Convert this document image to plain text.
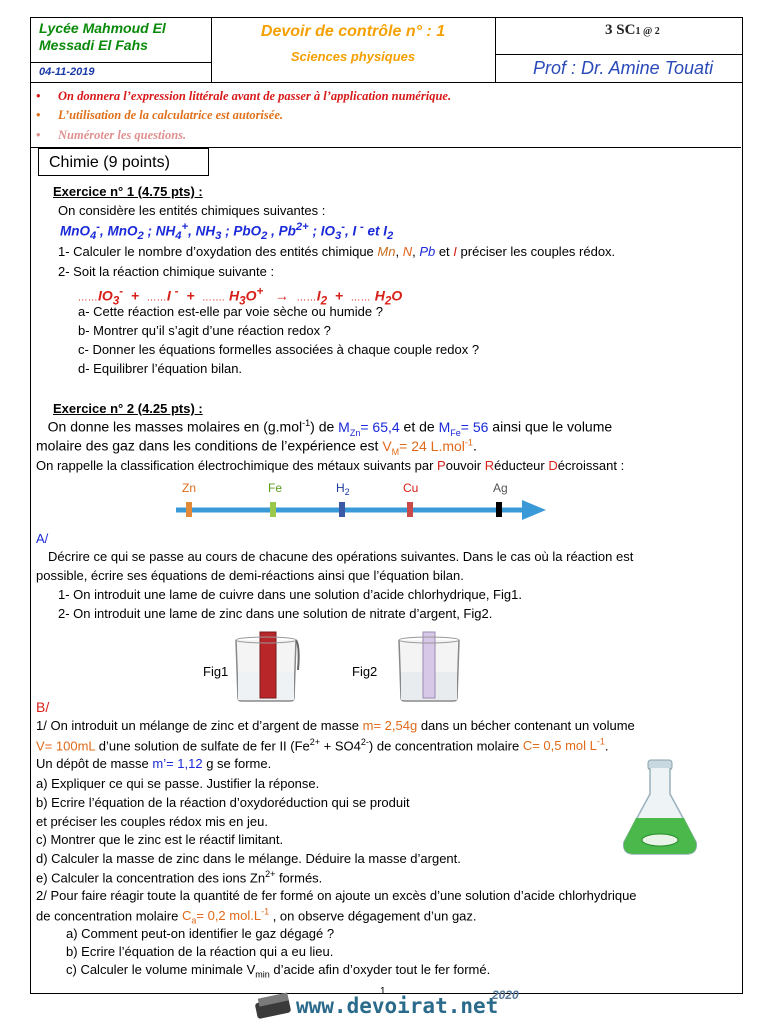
Lycée Mahmoud El
Messadi El Fahs
04-11-2019
Devoir de contrôle n° : 1
Sciences physiques
3 SC1 @ 2
Prof : Dr. Amine Touati
• On donnera l’expression littérale avant de passer à l’application numérique.
• L’utilisation de la calculatrice est autorisée.
• Numéroter les questions.
Chimie (9 points)
Exercice n° 1 (4.75 pts) :
On considère les entités chimiques suivantes :
MnO$_4$-, MnO$_2$ ; $NH_4^+$, $NH_3$ ; PbO$_2$ , $Pb^{2+}$ ; $IO_3^-$, I - et $I_2$
1- Calculer le nombre d’oxydation des entités chimique Mn, N, Pb et I préciser les couples rédox.
2- Soit la réaction chimique suivante :
$\dots\dots IO_3^-$  +  ……I -  +  ……. $H_3O^+$   →  $\dots\dots I_2$  +  …… $H_2O$
a- Cette réaction est-elle par voie sèche ou humide ?
b- Montrer qu’il s’agit d’une réaction redox ?
c- Donner les équations formelles associées à chaque couple redox ?
d- Equilibrer l’équation bilan.
Exercice n° 2 (4.25 pts) :
On donne les masses molaires en (g.mol$^{-1}$) de $M_{Zn}= 65,4$ et de $M_{Fe}= 56$ ainsi que le volume
molaire des gaz dans les conditions de l’expérience est $V_M= 24$ L.mol$^{-1}$.
On rappelle la classification électrochimique des métaux suivants par Pouvoir Réducteur Décroissant :
Zn	Fe	$H_2$	Cu	Ag
A/
Décrire ce qui se passe au cours de chacune des opérations suivantes. Dans le cas où la réaction est
possible, écrire ses équations de demi-réactions ainsi que l’équation bilan.
1- On introduit une lame de cuivre dans une solution d’acide chlorhydrique, Fig1.
2- On introduit une lame de zinc dans une solution de nitrate d’argent, Fig2.
Fig1	Fig2
B/
1/ On introduit un mélange de zinc et d’argent de masse m= 2,54g dans un bécher contenant un volume
V= 100mL d’une solution de sulfate de fer II $(Fe^{2+} + SO4^{2-})$ de concentration molaire C= 0,5 mol $L^{-1}$.
Un dépôt de masse m’= 1,12 g se forme.
a) Expliquer ce qui se passe. Justifier la réponse.
b) Ecrire l’équation de la réaction d’oxydoréduction qui se produit
et préciser les couples rédox mis en jeu.
c) Montrer que le zinc est le réactif limitant.
d) Calculer la masse de zinc dans le mélange. Déduire la masse d’argent.
e) Calculer la concentration des ions $Zn^{2+}$ formés.
2/ Pour faire réagir toute la quantité de fer formé on ajoute un excès d’une solution d’acide chlorhydrique
de concentration molaire $C_a= 0,2$ $mol.L^{-1}$ , on observe dégagement d’un gaz.
a) Comment peut-on identifier le gaz dégagé ?
b) Ecrire l’équation de la réaction qui a eu lieu.
c) Calculer le volume minimale $V_{min}$ d’acide afin d’oxyder tout le fer formé.
1
www.devoirat.net
2020
